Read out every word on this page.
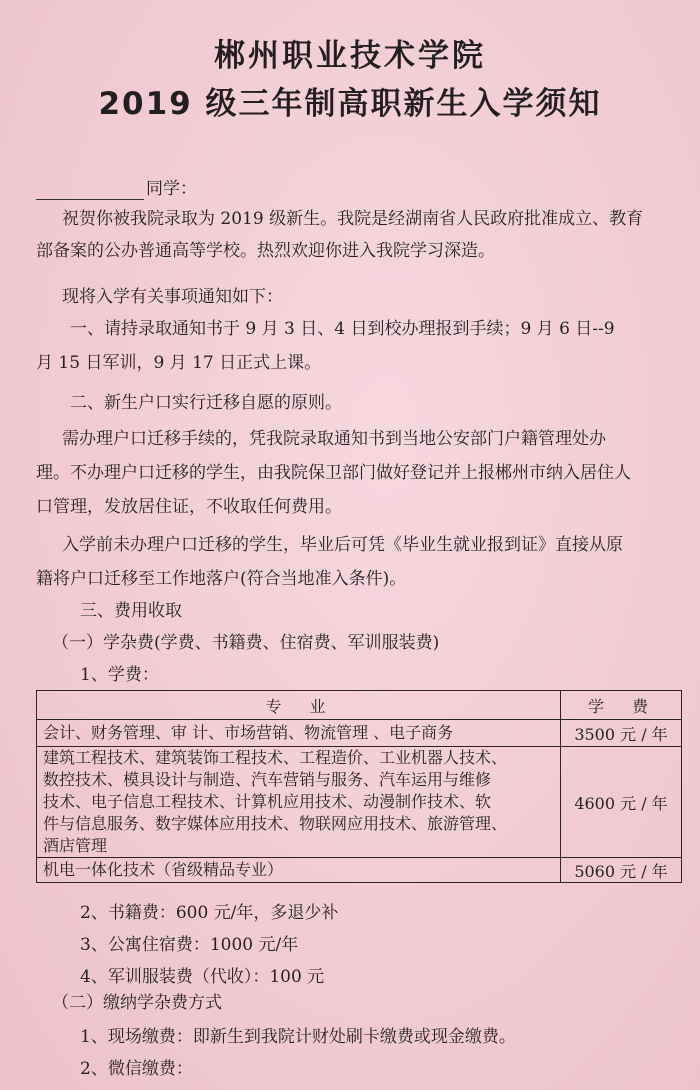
郴州职业技术学院
2019 级三年制高职新生入学须知

同学：

祝贺你被我院录取为 2019 级新生。我院是经湖南省人民政府批准成立、教育

部备案的公办普通高等学校。热烈欢迎你进入我院学习深造。

现将入学有关事项通知如下：

一、请持录取通知书于 9 月 3 日、4 日到校办理报到手续；9 月 6 日--9

月 15 日军训，9 月 17 日正式上课。

二、新生户口实行迁移自愿的原则。

需办理户口迁移手续的，凭我院录取通知书到当地公安部门户籍管理处办

理。不办理户口迁移的学生，由我院保卫部门做好登记并上报郴州市纳入居住人

口管理，发放居住证，不收取任何费用。

入学前未办理户口迁移的学生，毕业后可凭《毕业生就业报到证》直接从原

籍将户口迁移至工作地落户(符合当地准入条件)。

三、费用收取

（一）学杂费(学费、书籍费、住宿费、军训服装费)

1、学费：

专　业	学　费
会计、财务管理、审 计、市场营销、物流管理 、电子商务	3500 元 / 年

建筑工程技术、建筑装饰工程技术、工程造价、工业机器人技术、
数控技术、模具设计与制造、汽车营销与服务、汽车运用与维修
技术、电子信息工程技术、计算机应用技术、动漫制作技术、软
件与信息服务、数字媒体应用技术、物联网应用技术、旅游管理、
酒店管理	4600 元 / 年
机电一体化技术（省级精品专业）	5060 元 / 年

2、书籍费：600 元/年，多退少补

3、公寓住宿费：1000 元/年

4、军训服装费（代收）：100 元

（二）缴纳学杂费方式

1、现场缴费：即新生到我院计财处刷卡缴费或现金缴费。

2、微信缴费：
